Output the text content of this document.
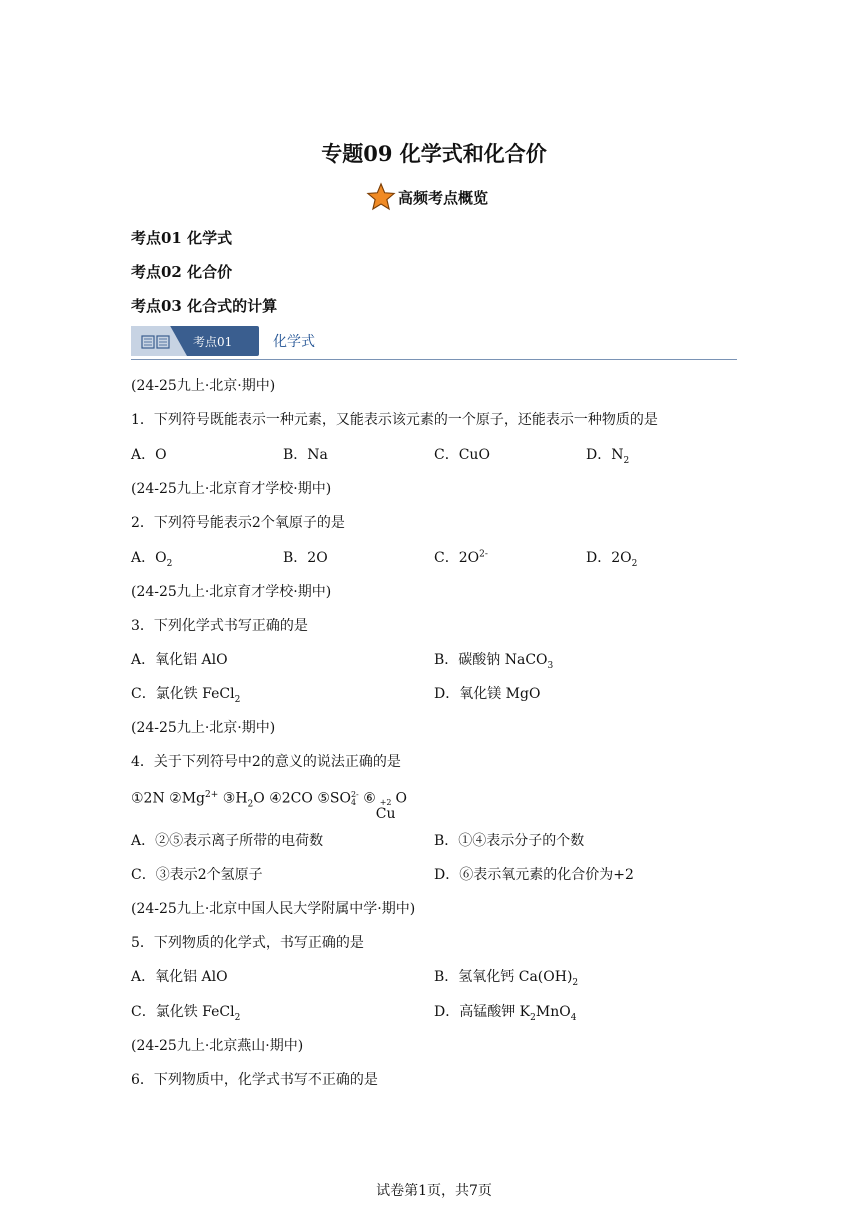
专题09 化学式和化合价
高频考点概览
考点01 化学式
考点02 化合价
考点03 化合式的计算
考点01	化学式
(24-25九上·北京·期中)
1．下列符号既能表示一种元素，又能表示该元素的一个原子，还能表示一种物质的是
A．O	B．Na	C．CuO	D．$N_2$
(24-25九上·北京育才学校·期中)
2．下列符号能表示2个氧原子的是
A．$O_2$	B．2O	C．$2O^{2-}$	D．$2O_2$
(24-25九上·北京育才学校·期中)
3．下列化学式书写正确的是
A．氧化铝 AlO	B．碳酸钠 NaCO$_3$
C．氯化铁 FeCl$_2$	D．氧化镁 MgO
(24-25九上·北京·期中)
4．关于下列符号中2的意义的说法正确的是
①2N $②Mg^{2+}$ $③H_2O$ ④2CO ⑤SO 2-
4 ⑥ +2
Cu
O
A．②⑤表示离子所带的电荷数	B．①④表示分子的个数
C．③表示2个氢原子	D．⑥表示氧元素的化合价为+2
(24-25九上·北京中国人民大学附属中学·期中)
5．下列物质的化学式，书写正确的是
A．氧化铝 AlO	B．氢氧化钙 $Ca(OH)_2$
C．氯化铁 FeCl$_2$	D．高锰酸钾 $K_2MnO_4$
(24-25九上·北京燕山·期中)
6．下列物质中，化学式书写不正确的是
试卷第1页，共7页
